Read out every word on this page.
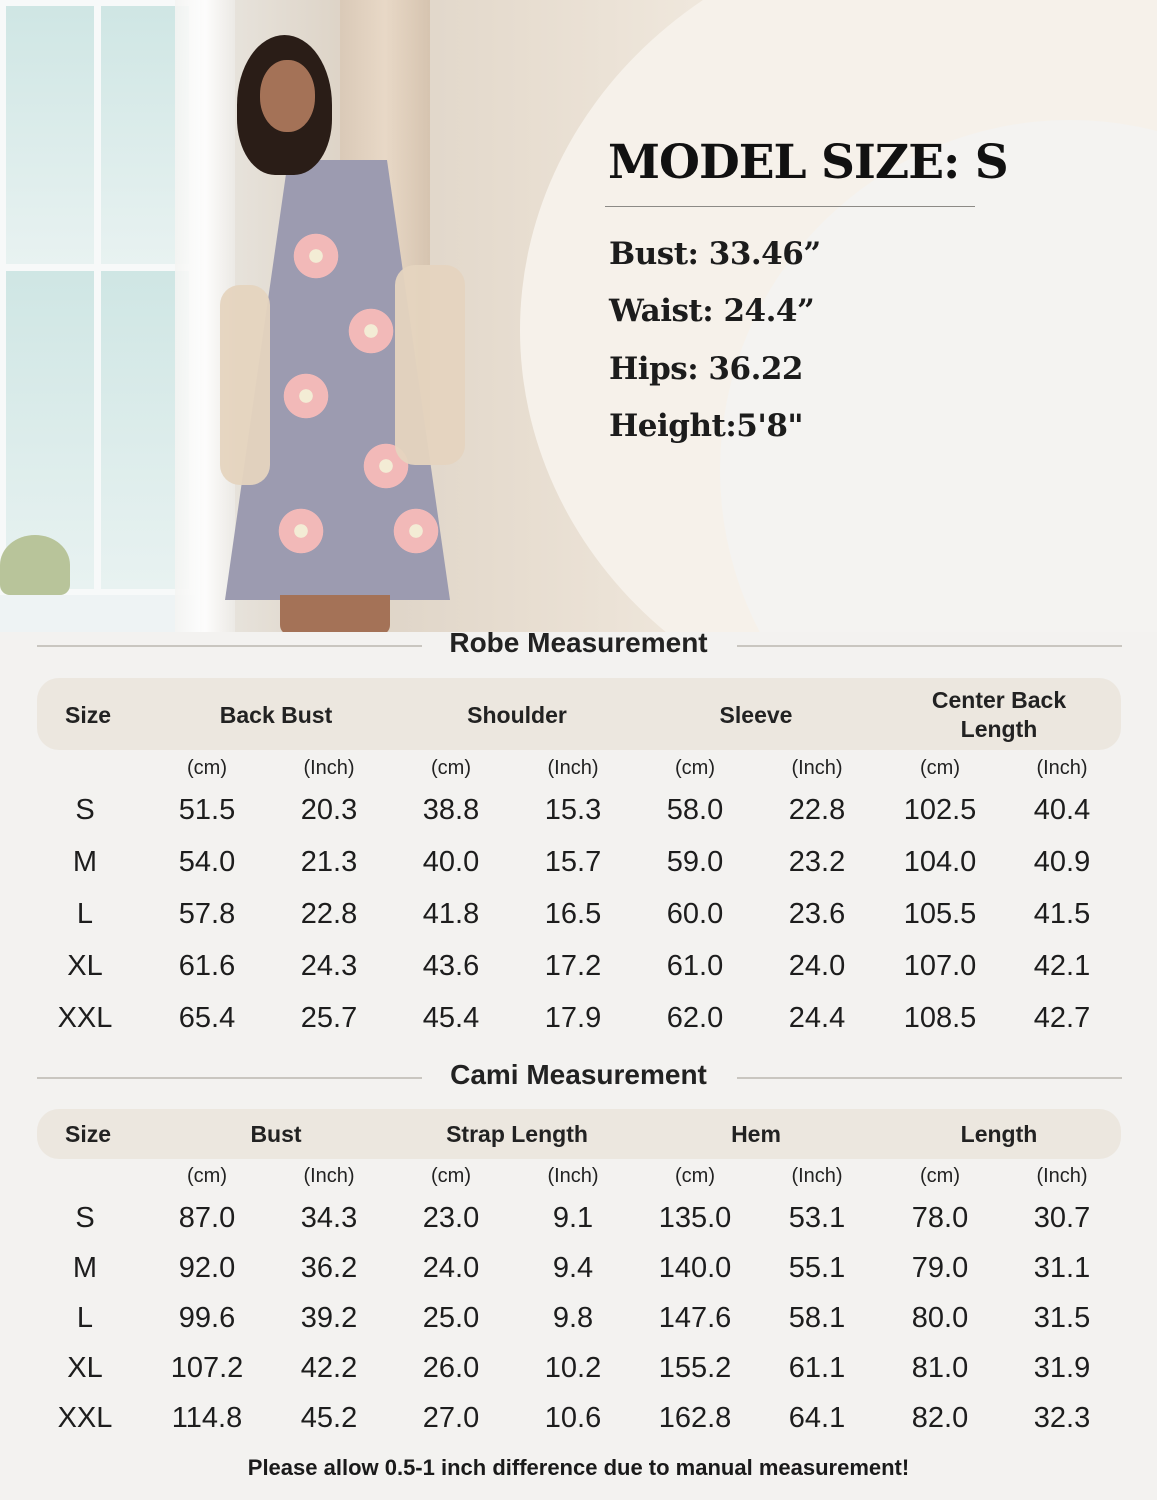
MODEL SIZE: S
Bust: 33.46”
Waist: 24.4”
Hips: 36.22
Height:5'8"
Robe Measurement
Size	Back Bust	Shoulder	Sleeve
Center Back
Length
(cm)	(Inch)	(cm)	(Inch)	(cm)	(Inch)	(cm)	(Inch)
S	51.5 20.3 38.8 15.3 58.0 22.8 102.5 40.4
M	54.0 21.3 40.0 15.7 59.0 23.2 104.0 40.9
L	57.8 22.8 41.8 16.5 60.0 23.6 105.5 41.5
XL	61.6 24.3 43.6 17.2 61.0 24.0 107.0 42.1
XXL 65.4 25.7 45.4 17.9 62.0 24.4 108.5 42.7
Cami Measurement
Size	Bust	Strap Length	Hem	Length
(cm)	(Inch)	(cm)	(Inch)	(cm)	(Inch)	(cm)	(Inch)
S	87.0 34.3 23.0	9.1 135.0 53.1 78.0 30.7
M	92.0 36.2 24.0	9.4 140.0 55.1 79.0 31.1
L	99.6 39.2 25.0	9.8 147.6 58.1 80.0 31.5
XL 107.2 42.2 26.0 10.2 155.2 61.1 81.0 31.9
XXL 114.8 45.2 27.0 10.6 162.8 64.1 82.0 32.3
Please allow 0.5-1 inch difference due to manual measurement!
